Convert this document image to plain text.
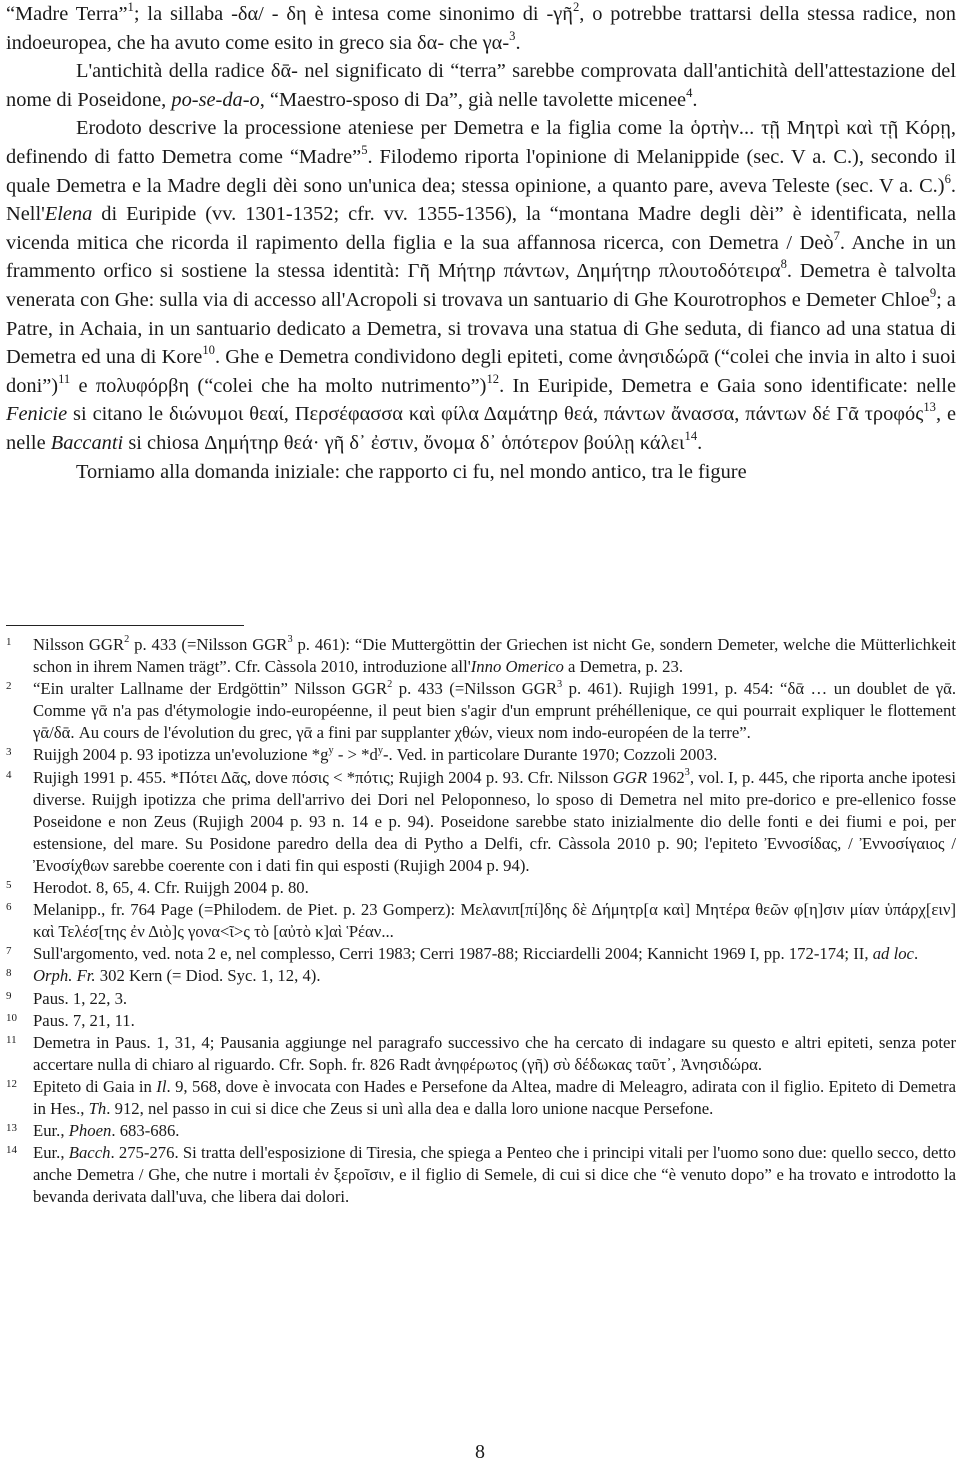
“Madre Terra”$^1$; la sillaba -δα/ - δη è intesa come sinonimo di -γῆ$^2$, o potrebbe trattarsi della stessa radice, non indoeuropea, che ha avuto come esito in greco sia δα- che γα-$^3$.

L'antichità della radice δᾱ- nel significato di “terra” sarebbe comprovata dall'antichità dell'attestazione del nome di Poseidone, po-se-da-o, “Maestro-sposo di Da”, già nelle tavolette micenee$^4$.

Erodoto descrive la processione ateniese per Demetra e la figlia come la ὁρτὴν... τῇ Μητρὶ καὶ τῇ Κόρῃ, definendo di fatto Demetra come “Madre”$^5$. Filodemo riporta l'opinione di Melanippide (sec. V a. C.), secondo il quale Demetra e la Madre degli dèi sono un'unica dea; stessa opinione, a quanto pare, aveva Teleste (sec. V a. C.)$^6$. Nell'Elena di Euripide (vv. 1301-1352; cfr. vv. 1355-1356), la “montana Madre degli dèi” è identificata, nella vicenda mitica che ricorda il rapimento della figlia e la sua affannosa ricerca, con Demetra / Deò$^7$. Anche in un frammento orfico si sostiene la stessa identità: Γῆ Μήτηρ πάντων, Δημήτηρ πλουτοδότειρα$^8$. Demetra è talvolta venerata con Ghe: sulla via di accesso all'Acropoli si trovava un santuario di Ghe Kourotrophos e Demeter Chloe$^9$; a Patre, in Achaia, in un santuario dedicato a Demetra, si trovava una statua di Ghe seduta, di fianco ad una statua di Demetra ed una di Kore$^{10}$. Ghe e Demetra condividono degli epiteti, come ἀνησιδώρᾱ (“colei che invia in alto i suoi doni”)$^{11}$ e πολυφόρβη (“colei che ha molto nutrimento”)$^{12}$. In Euripide, Demetra e Gaia sono identificate: nelle Fenicie si citano le διώνυμοι θεαί, Περσέφασσα καὶ φίλα Δαμάτηρ θεά, πάντων ἄνασσα, πάντων δέ Γᾶ τροφός$^{13}$, e nelle Baccanti si chiosa Δημήτηρ θεά· γῆ δ᾽ ἐστιν, ὄνομα δ᾽ ὁπότερον βούλῃ κάλει$^{14}$.

Torniamo alla domanda iniziale: che rapporto ci fu, nel mondo antico, tra le figure

1 Nilsson GGR$^2$ p. 433 (=Nilsson GGR$^3$ p. 461): “Die Muttergöttin der Griechen ist nicht Ge, sondern Demeter, welche die Mütterlichkeit schon in ihrem Namen trägt”. Cfr. Càssola 2010, introduzione all'Inno Omerico a Demetra, p. 23.
2 “Ein uralter Lallname der Erdgöttin” Nilsson GGR$^2$ p. 433 (=Nilsson GGR$^3$ p. 461). Rujigh 1991, p. 454: “δᾱ … un doublet de γᾱ. Comme γᾱ n'a pas d'étymologie indo-européenne, il peut bien s'agir d'un emprunt préhéllenique, ce qui pourrait expliquer le flottement γᾱ/δᾱ. Au cours de l'évolution du grec, γᾱ a fini par supplanter χθών, vieux nom indo-européen de la terre”.
3 Ruijgh 2004 p. 93 ipotizza un'evoluzione $*g^y$ - > $*d^y-$. Ved. in particolare Durante 1970; Cozzoli 2003.
4 Rujigh 1991 p. 455. *Πότει Δᾶς, dove πόσις < *πότις; Rujigh 2004 p. 93. Cfr. Nilsson GGR 1962$^3$, vol. I, p. 445, che riporta anche ipotesi diverse. Ruijgh ipotizza che prima dell'arrivo dei Dori nel Peloponneso, lo sposo di Demetra nel mito pre-dorico e pre-ellenico fosse Poseidone e non Zeus (Rujigh 2004 p. 93 n. 14 e p. 94). Poseidone sarebbe stato inizialmente dio delle fonti e dei fiumi e poi, per estensione, del mare. Su Posidone paredro della dea di Pytho a Delfi, cfr. Càssola 2010 p. 90; l'epiteto Ἐννοσίδας, / Ἐννοσίγαιος / Ἐνοσίχθων sarebbe coerente con i dati fin qui esposti (Rujigh 2004 p. 94).
5 Herodot. 8, 65, 4. Cfr. Ruijgh 2004 p. 80.
6 Melanipp., fr. 764 Page (=Philodem. de Piet. p. 23 Gomperz): Μελανιπ[πί]δης δὲ Δήμητρ[α καὶ] Μητέρα θεῶν φ[η]σιν μίαν ὑπάρχ[ειν] καὶ Τελέσ[της ἐν Διὸ]ς γονα<ῖ>ς τὸ [αὐτὸ κ]αὶ Ῥέαν...
7 Sull'argomento, ved. nota 2 e, nel complesso, Cerri 1983; Cerri 1987-88; Ricciardelli 2004; Kannicht 1969 I, pp. 172-174; II, ad loc.
8 Orph. Fr. 302 Kern (= Diod. Syc. 1, 12, 4).
9 Paus. 1, 22, 3.
10 Paus. 7, 21, 11.
11 Demetra in Paus. 1, 31, 4; Pausania aggiunge nel paragrafo successivo che ha cercato di indagare su questo e altri epiteti, senza poter accertare nulla di chiaro al riguardo. Cfr. Soph. fr. 826 Radt ἀνηφέρωτος (γῆ) σὺ δέδωκας ταῦτ᾽, Ἀνησιδώρα.
12 Epiteto di Gaia in Il. 9, 568, dove è invocata con Hades e Persefone da Altea, madre di Meleagro, adirata con il figlio. Epiteto di Demetra in Hes., Th. 912, nel passo in cui si dice che Zeus si unì alla dea e dalla loro unione nacque Persefone.
13 Eur., Phoen. 683-686.
14 Eur., Bacch. 275-276. Si tratta dell'esposizione di Tiresia, che spiega a Penteo che i principi vitali per l'uomo sono due: quello secco, detto anche Demetra / Ghe, che nutre i mortali ἐν ξεροῖσιν, e il figlio di Semele, di cui si dice che “è venuto dopo” e ha trovato e introdotto la bevanda derivata dall'uva, che libera dai dolori.
8
